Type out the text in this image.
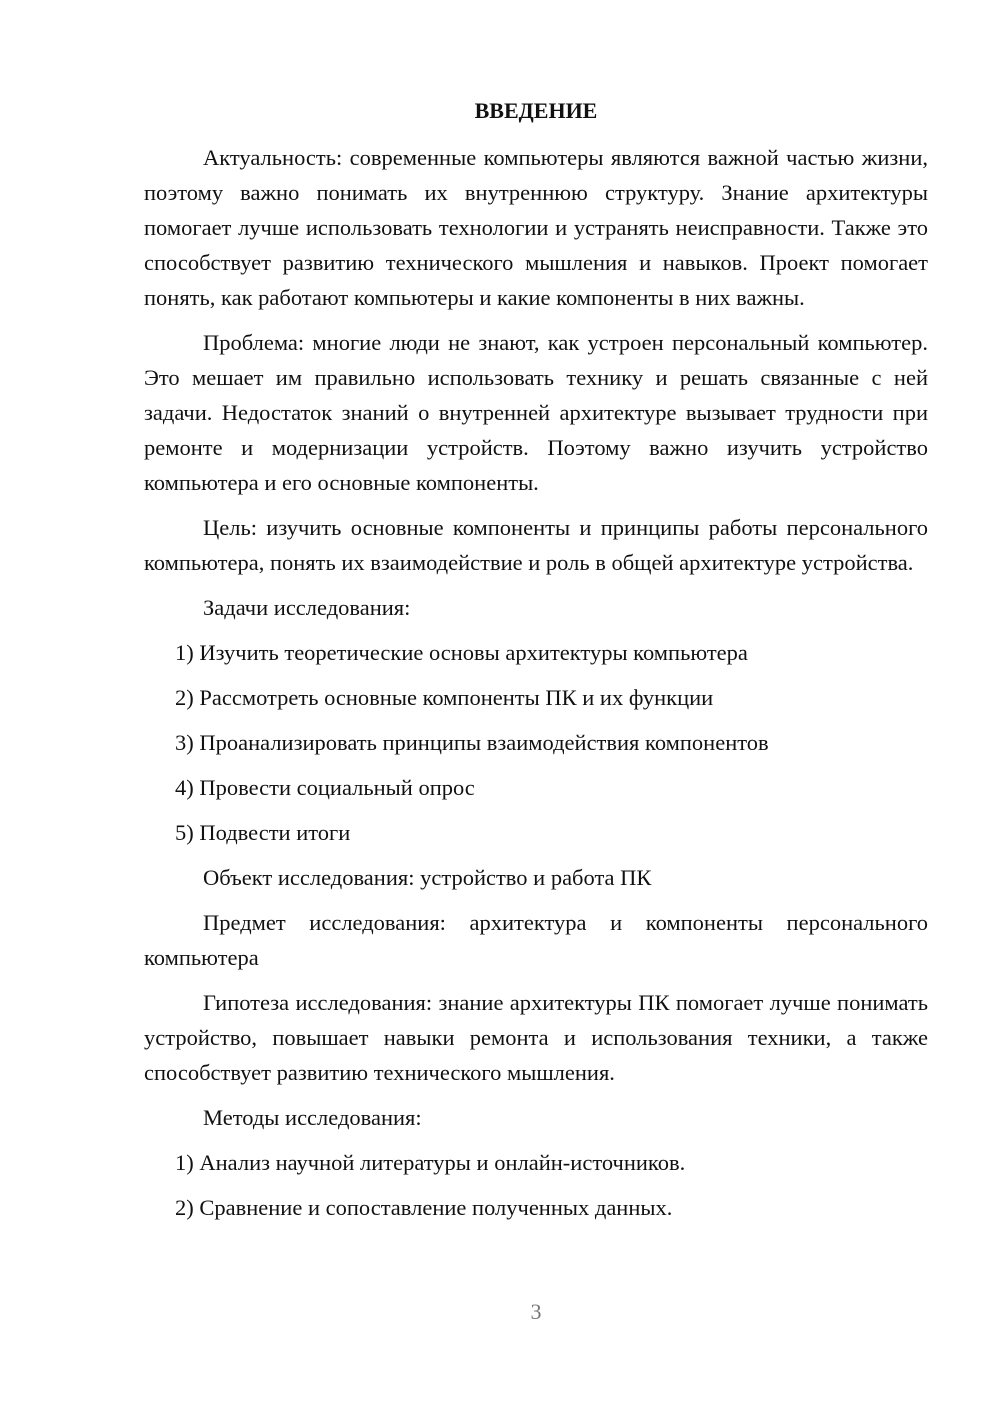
ВВЕДЕНИЕ

Актуальность: современные компьютеры являются важной частью жизни, поэтому важно понимать их внутреннюю структуру. Знание архитектуры помогает лучше использовать технологии и устранять неисправности. Также это способствует развитию технического мышления и навыков. Проект помогает понять, как работают компьютеры и какие компоненты в них важны.

Проблема: многие люди не знают, как устроен персональный компьютер. Это мешает им правильно использовать технику и решать связанные с ней задачи. Недостаток знаний о внутренней архитектуре вызывает трудности при ремонте и модернизации устройств. Поэтому важно изучить устройство компьютера и его основные компоненты.

Цель: изучить основные компоненты и принципы работы персонального компьютера, понять их взаимодействие и роль в общей архитектуре устройства.

Задачи исследования:

1) Изучить теоретические основы архитектуры компьютера

2) Рассмотреть основные компоненты ПК и их функции

3) Проанализировать принципы взаимодействия компонентов

4) Провести социальный опрос

5) Подвести итоги

Объект исследования: устройство и работа ПК

Предмет исследования: архитектура и компоненты персонального компьютера

Гипотеза исследования: знание архитектуры ПК помогает лучше понимать устройство, повышает навыки ремонта и использования техники, а также способствует развитию технического мышления.

Методы исследования:

1) Анализ научной литературы и онлайн-источников.

2) Сравнение и сопоставление полученных данных.

3
